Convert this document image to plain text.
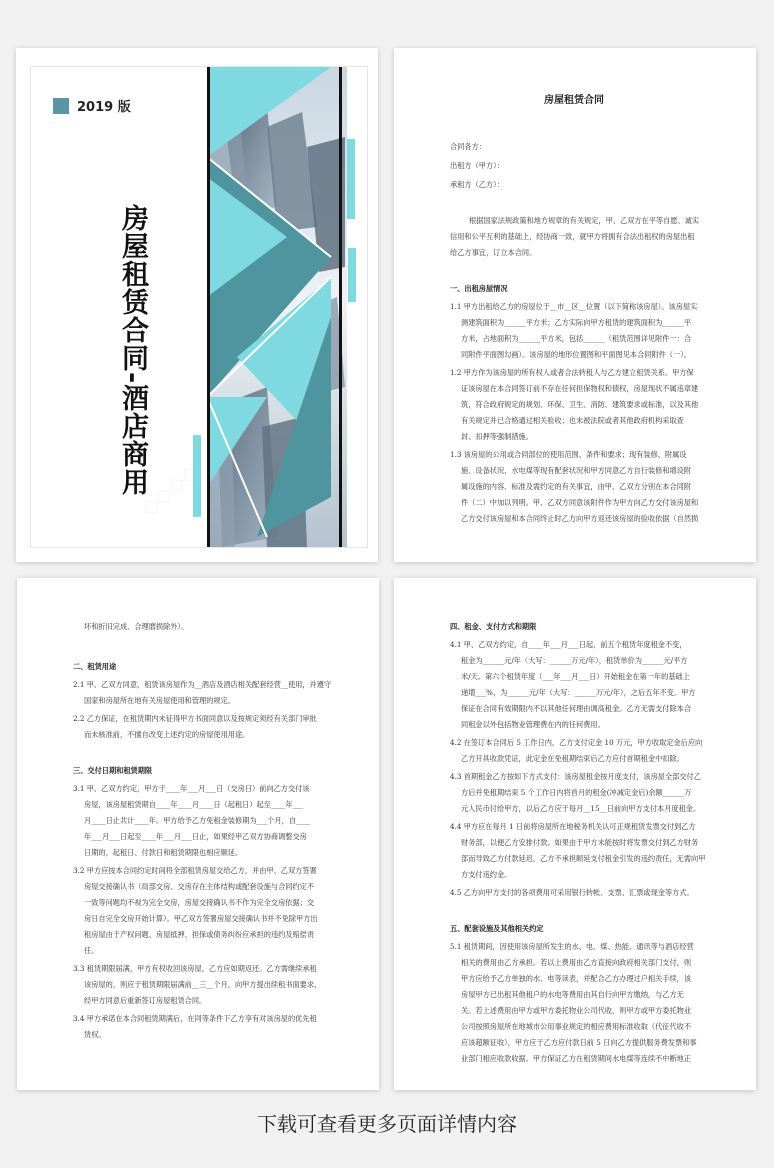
2019 版
房屋租赁合同-酒店商用
房屋租赁合同
合同各方：
出租方（甲方）：
承租方（乙方）：
根据国家法规政策和地方规章的有关规定，甲、乙双方在平等自愿、诚实
信用和公平互利的基础上，经协商一致，就甲方将拥有合法出租权的房屋出租
给乙方事宜，订立本合同。
一、出租房屋情况
1.1 甲方出租给乙方的房屋位于__市__区__位置（以下简称该房屋）。该房屋实
测建筑面积为______平方米；乙方实际向甲方租赁的建筑面积为______平
方米，占地面积为______平方米，包括______（租赁范围详见附件一：合
同附件平面图勾画）。该房屋的地形位置图和平面图见本合同附件（一）。
1.2 甲方作为该房屋的所有权人或者合法转租人与乙方建立租赁关系。甲方保
证该房屋在本合同签订前不存在任何担保物权和债权，房屋现状不属违章建
筑，符合政府规定的规划、环保、卫生、消防、建筑要求或标准，以及其他
有关规定并已合格通过相关验收；也未被法院或者其他政府机构采取查
封、扣押等强制措施。
1.3 该房屋的公用或合同部位的使用范围、条件和要求；现有装修、附属设
施、设备状况，水电煤等现有配套状况和甲方同意乙方自行装修和增设附
属设施的内容、标准及需约定的有关事宜，由甲、乙双方分别在本合同附
件（二）中加以列明。甲、乙双方同意该附件作为甲方向乙方交付该房屋和
乙方交付该房屋和本合同终止时乙方向甲方返还该房屋的验收依据（自然损
坏和折旧完成、合理磨损除外）。
二、租赁用途
2.1 甲、乙双方同意，租赁该房屋作为__酒店及酒店相关配套经营__使用，并遵守
国家和房屋所在地有关房屋使用和管理的规定。
2.2 乙方保证，在租赁期内未征得甲方书面同意以及按规定须经有关部门审批
而未核准前，不擅自改变上述约定的房屋使用用途。
三、交付日期和租赁期限
3.1 甲、乙双方约定，甲方于____年___月___日（交房日）前向乙方交付该
房屋，该房屋租赁期自____年____月____日（起租日）起至____年___
月____日止共计____年。甲方给予乙方免租金装修期为___个月，自____
年___月___日起至____年___月___日止，如果经甲乙双方协商调整交房
日期的，起租日、付款日和租赁期限也相应顺延。
3.2 甲方应按本合同约定时间将全部租赁房屋交给乙方，并由甲、乙双方签署
房屋交接确认书（局部交房、交房存在主体结构或配套设施与合同约定不
一致等问题均不视为完全交房，房屋交接确认书不作为完全交房依据；交
房日自完全交房开始计算）。甲乙双方签署房屋交接确认书并不免除甲方出
租房屋由于产权问题、房屋抵押、担保或债务纠纷应承担的违约及赔偿责
任。
3.3 租赁期限届满，甲方有权收回该房屋，乙方应如期返还。乙方需继续承租
该房屋的，则应于租赁期限届满前__三__个月，向甲方提出续租书面要求，
经甲方同意后重新签订房屋租赁合同。
3.4 甲方承诺在本合同租赁期满后，在同等条件下乙方享有对该房屋的优先租
赁权。
四、租金、支付方式和期限
4.1 甲、乙双方约定，自____年___月___日起，前五个租赁年度租金不变，
租金为______元/年（大写：______万元/年），租赁单价为______元/平方
米/天。第六个租赁年度（___年___月___日）开始租金在第一年的基础上
递增___%，为______元/年（大写：______万元/年），之后五年不变。甲方
保证在合同有效期限内不以其他任何理由调高租金。乙方无需支付除本合
同租金以外包括物业管理费在内的任何费用。
4.2 在签订本合同后 5 工作日内，乙方支付定金 10 万元，甲方收取定金后应向
乙方开具收款凭证，此定金在免租期结束后乙方应付首期租金中扣除。
4.3 首期租金乙方按如下方式支付：该房屋租金按月度支付，该房屋全部交付乙
方后并免租期结束 5 个工作日内将首月的租金(冲减定金后)余额______万
元人民币付给甲方，以后乙方应于每月__15__日前向甲方支付本月度租金。
4.4 甲方应在每月 1 日前将房屋所在地税务机关认可正规租赁发票交付到乙方
财务部，以便乙方安排付款。如果由于甲方未能按时将发票交付到乙方财务
部而导致乙方付款延迟，乙方不承担顺延支付租金引发的违约责任，无需向甲
方支付违约金。
4.5 乙方向甲方支付的各项费用可采用银行转帐、支票、汇票或现金等方式。
五、配套设施及其他相关约定
5.1 租赁期间，因使用该房屋所发生的水、电、煤、热能、通讯等与酒店经营
相关的费用由乙方承担。若以上费用由乙方直接向政府相关部门支付，则
甲方应给予乙方单独的水、电等读表，并配合乙方办理过户相关手续，该
房屋甲方已出租其他租户的水电等费用由其自行向甲方缴纳，与乙方无
关。若上述费用由甲方或甲方委托物业公司代收，则甲方或甲方委托物业
公司按照房屋所在地城市公用事业规定的相应费用标准收取（代征代收不
应该超额征收），甲方应于乙方应付款日前 5 日向乙方提供服务费发票和事
业部门相应收款收据。甲方保证乙方在租赁期间水电煤等连续不中断地正
下载可查看更多页面详情内容
